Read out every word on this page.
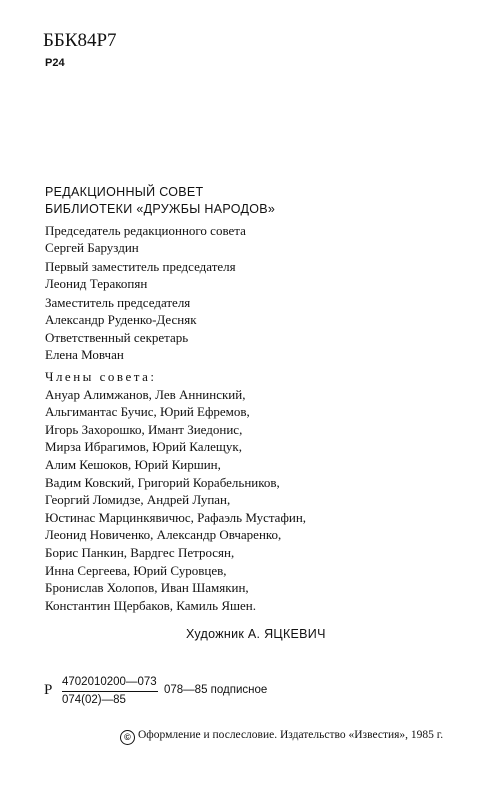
ББК84Р7
Р24
РЕДАКЦИОННЫЙ СОВЕТ
БИБЛИОТЕКИ «ДРУЖБЫ НАРОДОВ»
Председатель редакционного совета
Сергей Баруздин
Первый заместитель председателя
Леонид Теракопян
Заместитель председателя
Александр Руденко-Десняк
Ответственный секретарь
Елена Мовчан
Члены совета:
Ануар Алимжанов, Лев Аннинский,
Альгимантас Бучис, Юрий Ефремов,
Игорь Захорошко, Имант Зиедонис,
Мирза Ибрагимов, Юрий Калещук,
Алим Кешоков, Юрий Киршин,
Вадим Ковский, Григорий Корабельников,
Георгий Ломидзе, Андрей Лупан,
Юстинас Марцинкявичюс, Рафаэль Мустафин,
Леонид Новиченко, Александр Овчаренко,
Борис Панкин, Вардгес Петросян,
Инна Сергеева, Юрий Суровцев,
Бронислав Холопов, Иван Шамякин,
Константин Щербаков, Камиль Яшен.
Художник А. ЯЦКЕВИЧ
Р $\frac{4702010200—073}{074(02)—85}$ 078—85 подписное
© Оформление и послесловие. Издательство «Известия», 1985 г.
